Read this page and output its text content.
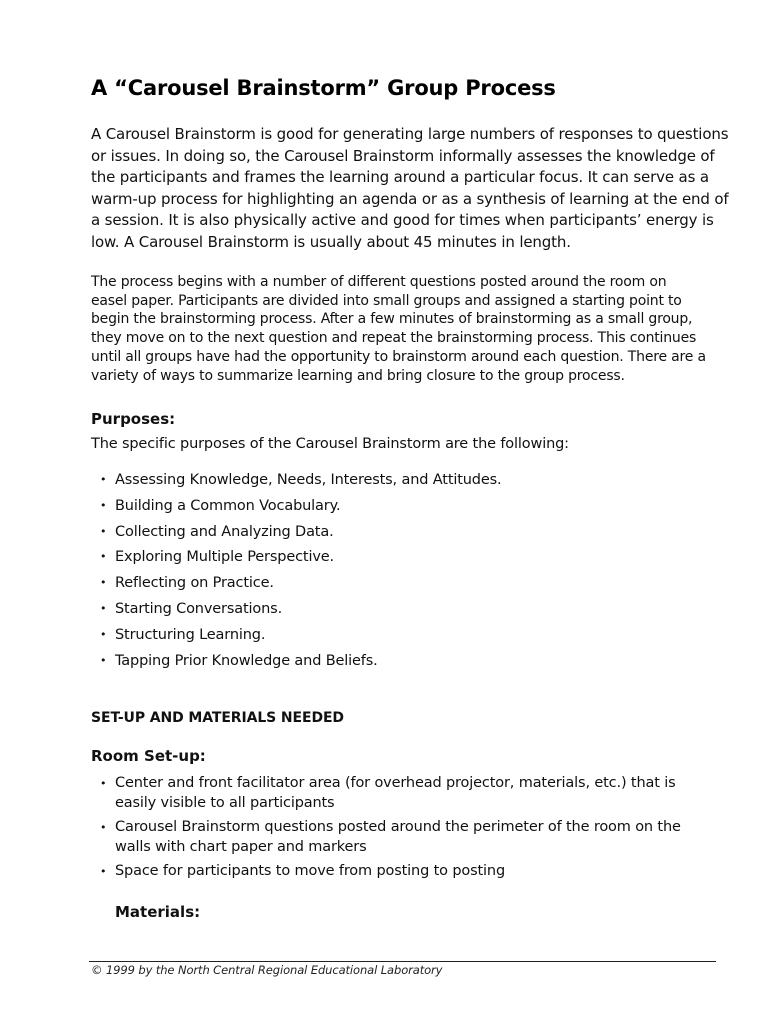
A “Carousel Brainstorm” Group Process

A Carousel Brainstorm is good for generating large numbers of responses to questions
or issues. In doing so, the Carousel Brainstorm informally assesses the knowledge of
the participants and frames the learning around a particular focus. It can serve as a
warm-up process for highlighting an agenda or as a synthesis of learning at the end of
a session. It is also physically active and good for times when participants’ energy is
low. A Carousel Brainstorm is usually about 45 minutes in length.

The process begins with a number of different questions posted around the room on
easel paper. Participants are divided into small groups and assigned a starting point to
begin the brainstorming process. After a few minutes of brainstorming as a small group,
they move on to the next question and repeat the brainstorming process. This continues
until all groups have had the opportunity to brainstorm around each question. There are a
variety of ways to summarize learning and bring closure to the group process.

Purposes:

The specific purposes of the Carousel Brainstorm are the following:

• Assessing Knowledge, Needs, Interests, and Attitudes.
• Building a Common Vocabulary.
• Collecting and Analyzing Data.
• Exploring Multiple Perspective.
• Reflecting on Practice.
• Starting Conversations.
• Structuring Learning.
• Tapping Prior Knowledge and Beliefs.
SET-UP AND MATERIALS NEEDED
Room Set-up:
• Center and front facilitator area (for overhead projector, materials, etc.) that is easily visible to all participants
• Carousel Brainstorm questions posted around the perimeter of the room on the walls with chart paper and markers
• Space for participants to move from posting to posting
Materials:

© 1999 by the North Central Regional Educational Laboratory
